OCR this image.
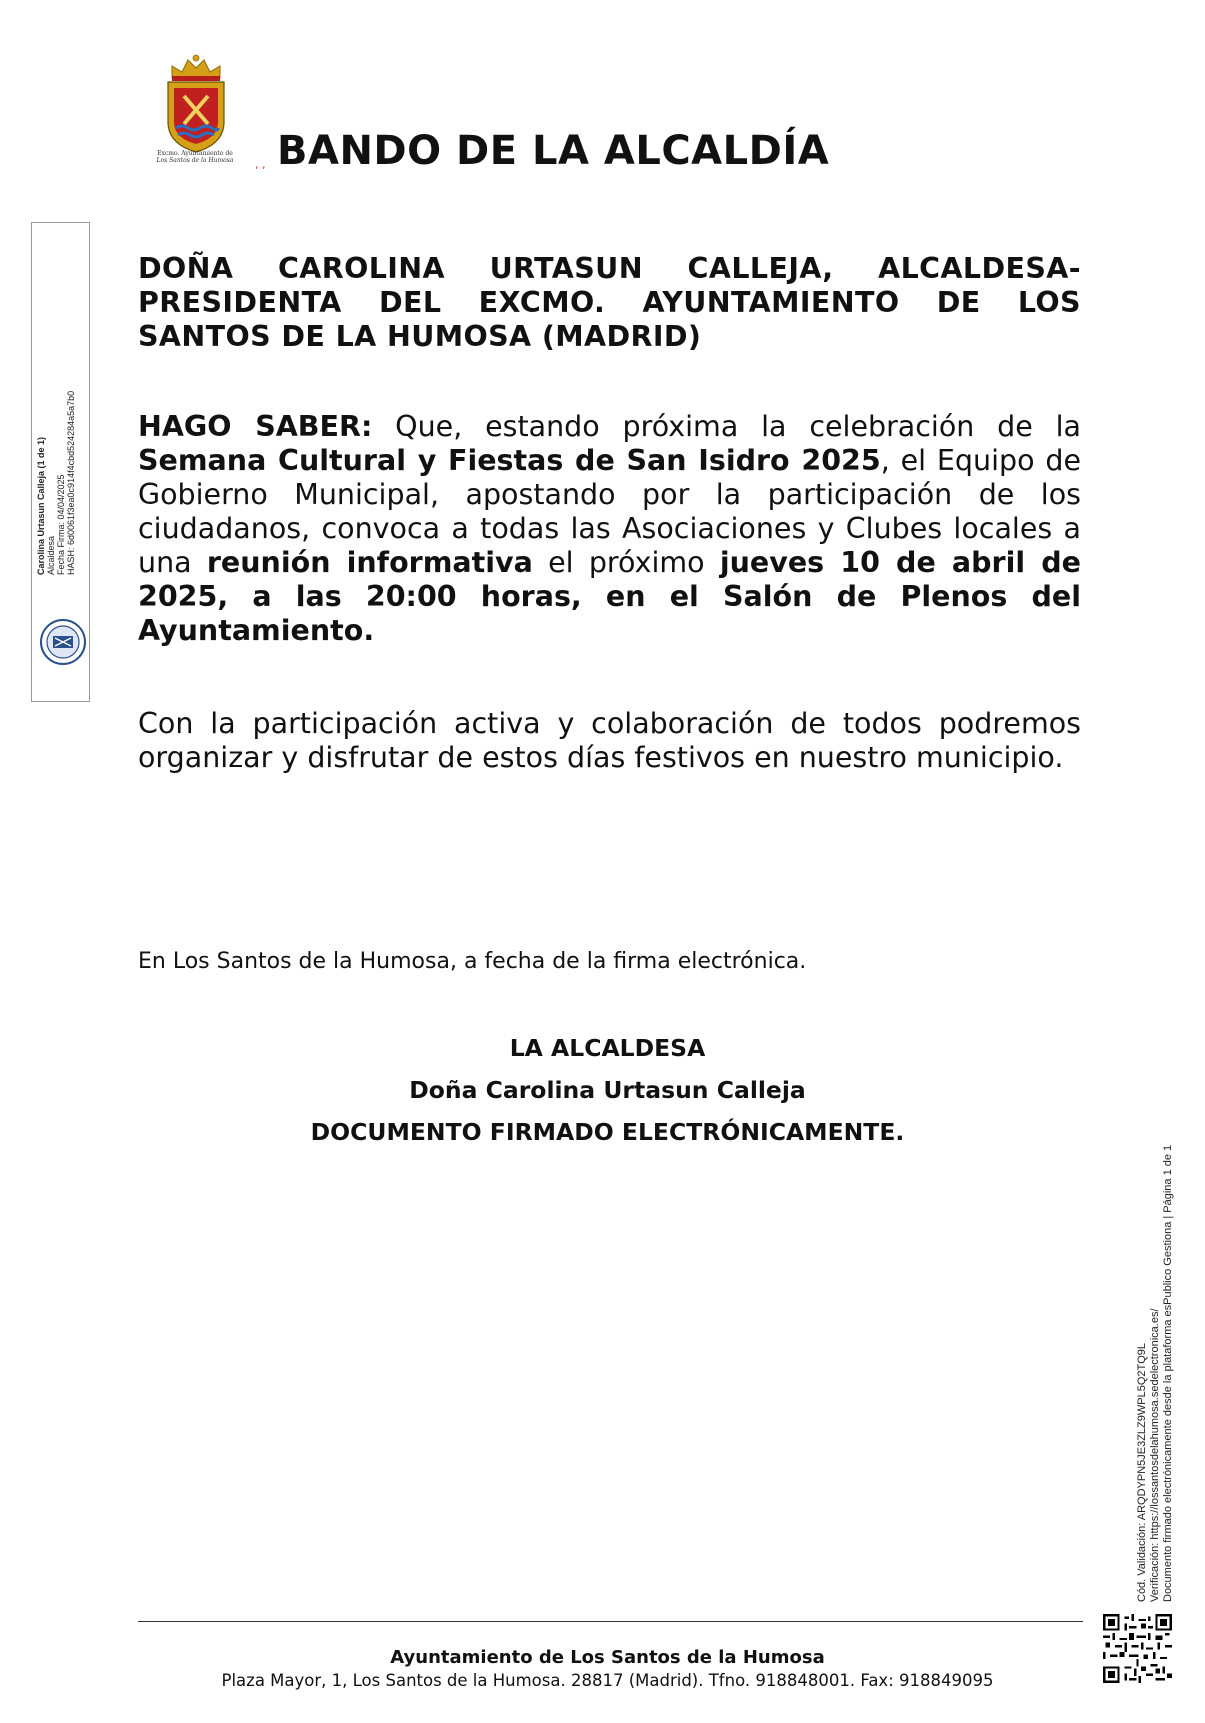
Excmo. Ayuntamiento de
Los Santos de la Humosa	, , BANDO DE LA ALCALDÍA
Carolina Urtasun Calleja (1 de 1) Alcaldesa Fecha Firma: 04/04/2025 HASH: 6d0061f3ea0c914f4cbd524284a5a7b0
DOÑA CAROLINA URTASUN CALLEJA, ALCALDESA-PRESIDENTA DEL EXCMO. AYUNTAMIENTO DE LOS SANTOS DE LA HUMOSA (MADRID)
HAGO SABER: Que, estando próxima la celebración de la Semana Cultural y Fiestas de San Isidro 2025, el Equipo de Gobierno Municipal, apostando por la participación de los ciudadanos, convoca a todas las Asociaciones y Clubes locales a una reunión informativa el próximo jueves 10 de abril de 2025, a las 20:00 horas, en el Salón de Plenos del Ayuntamiento.
Con la participación activa y colaboración de todos podremos organizar y disfrutar de estos días festivos en nuestro municipio.
En Los Santos de la Humosa, a fecha de la firma electrónica.
LA ALCALDESA
Doña Carolina Urtasun Calleja
DOCUMENTO FIRMADO ELECTRÓNICAMENTE.
Cód. Validación: ARQDYPN5JE3ZLZ9WPL5Q2TQ9L Verificación: https://lossantosdelahumosa.sedelectronica.es/ Documento firmado electrónicamente desde la plataforma esPublico Gestiona | Página 1 de 1
Ayuntamiento de Los Santos de la Humosa
Plaza Mayor, 1, Los Santos de la Humosa. 28817 (Madrid). Tfno. 918848001. Fax: 918849095
